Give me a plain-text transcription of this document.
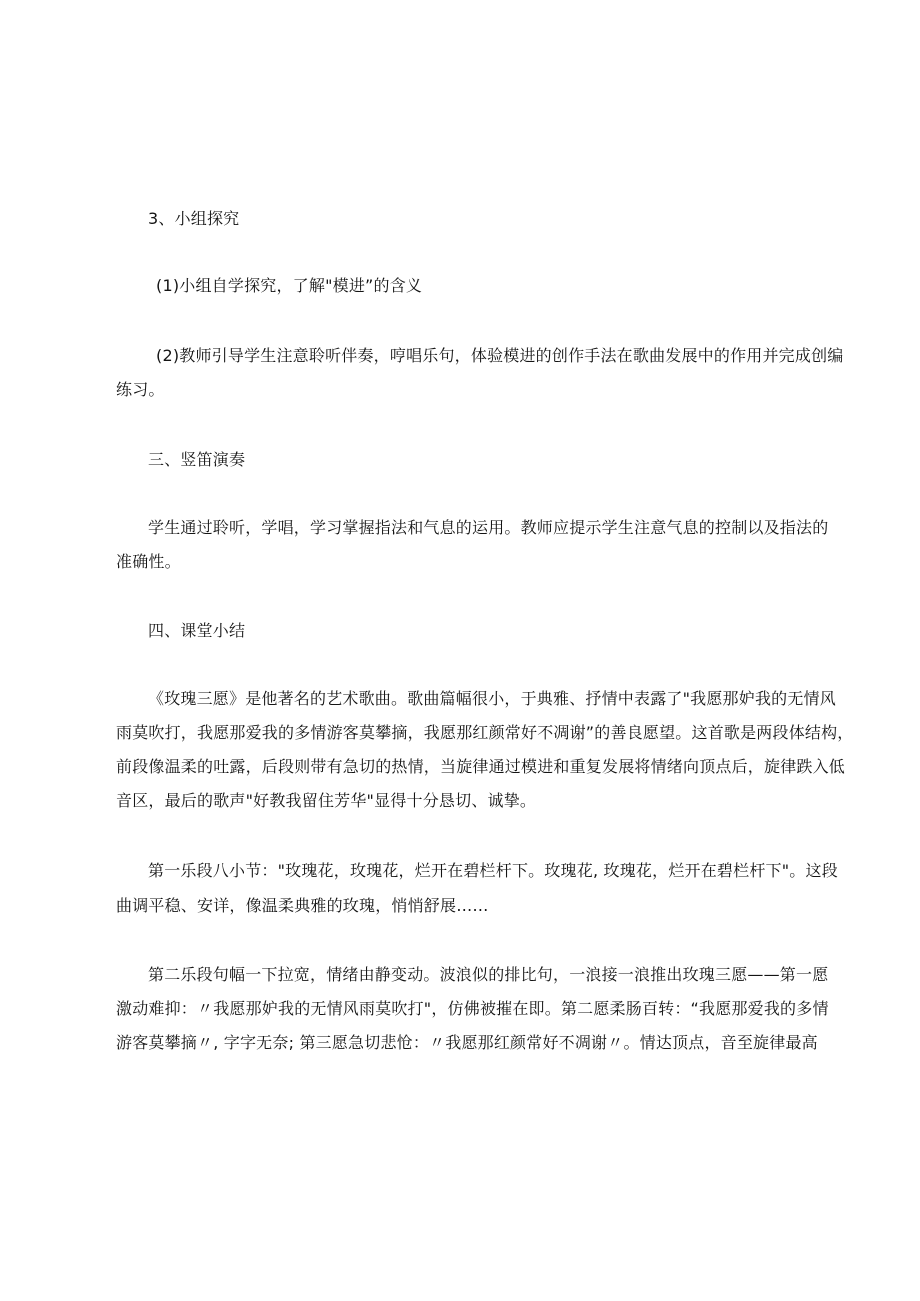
3、小组探究
(1)小组自学探究，了解"模进”的含义
(2)教师引导学生注意聆听伴奏，哼唱乐句，体验模进的创作手法在歌曲发展中的作用并完成创编
练习。
三、竖笛演奏
学生通过聆听，学唱，学习掌握指法和气息的运用。教师应提示学生注意气息的控制以及指法的
准确性。
四、课堂小结
《玫瑰三愿》是他著名的艺术歌曲。歌曲篇幅很小，于典雅、抒情中表露了"我愿那妒我的无情风
雨莫吹打，我愿那爱我的多情游客莫攀摘，我愿那红颜常好不凋谢”的善良愿望。这首歌是两段体结构，
前段像温柔的吐露，后段则带有急切的热情，当旋律通过模进和重复发展将情绪向顶点后，旋律跌入低
音区，最后的歌声"好教我留住芳华"显得十分恳切、诚挚。
第一乐段八小节："玫瑰花，玫瑰花，烂开在碧栏杆下。玫瑰花, 玫瑰花，烂开在碧栏杆下"。这段
曲调平稳、安详，像温柔典雅的玫瑰，悄悄舒展……
第二乐段句幅一下拉宽，情绪由静变动。波浪似的排比句，一浪接一浪推出玫瑰三愿——第一愿
激动难抑：〃我愿那妒我的无情风雨莫吹打"，仿佛被摧在即。第二愿柔肠百转：“我愿那爱我的多情
游客莫攀摘〃, 字字无奈; 第三愿急切悲怆：〃我愿那红颜常好不凋谢〃。情达顶点，音至旋律最高
